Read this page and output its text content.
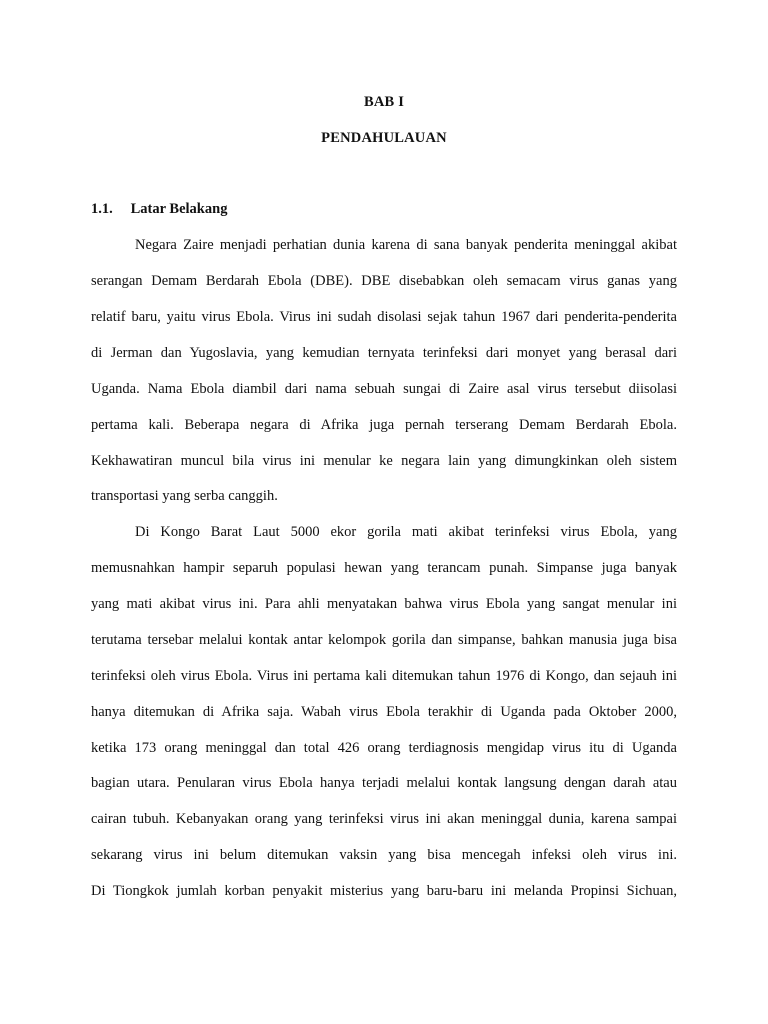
BAB I
PENDAHULAUAN
1.1. Latar Belakang
Negara Zaire menjadi perhatian dunia karena di sana banyak penderita meninggal akibat
serangan Demam Berdarah Ebola (DBE). DBE disebabkan oleh semacam virus ganas yang
relatif baru, yaitu virus Ebola. Virus ini sudah disolasi sejak tahun 1967 dari penderita-penderita
di Jerman dan Yugoslavia, yang kemudian ternyata terinfeksi dari monyet yang berasal dari
Uganda. Nama Ebola diambil dari nama sebuah sungai di Zaire asal virus tersebut diisolasi
pertama kali. Beberapa negara di Afrika juga pernah terserang Demam Berdarah Ebola.
Kekhawatiran muncul bila virus ini menular ke negara lain yang dimungkinkan oleh sistem
transportasi yang serba canggih.
Di Kongo Barat Laut 5000 ekor gorila mati akibat terinfeksi virus Ebola, yang
memusnahkan hampir separuh populasi hewan yang terancam punah. Simpanse juga banyak
yang mati akibat virus ini. Para ahli menyatakan bahwa virus Ebola yang sangat menular ini
terutama tersebar melalui kontak antar kelompok gorila dan simpanse, bahkan manusia juga bisa
terinfeksi oleh virus Ebola. Virus ini pertama kali ditemukan tahun 1976 di Kongo, dan sejauh ini
hanya ditemukan di Afrika saja. Wabah virus Ebola terakhir di Uganda pada Oktober 2000,
ketika 173 orang meninggal dan total 426 orang terdiagnosis mengidap virus itu di Uganda
bagian utara. Penularan virus Ebola hanya terjadi melalui kontak langsung dengan darah atau
cairan tubuh. Kebanyakan orang yang terinfeksi virus ini akan meninggal dunia, karena sampai
sekarang virus ini belum ditemukan vaksin yang bisa mencegah infeksi oleh virus ini.
Di Tiongkok jumlah korban penyakit misterius yang baru-baru ini melanda Propinsi Sichuan,
